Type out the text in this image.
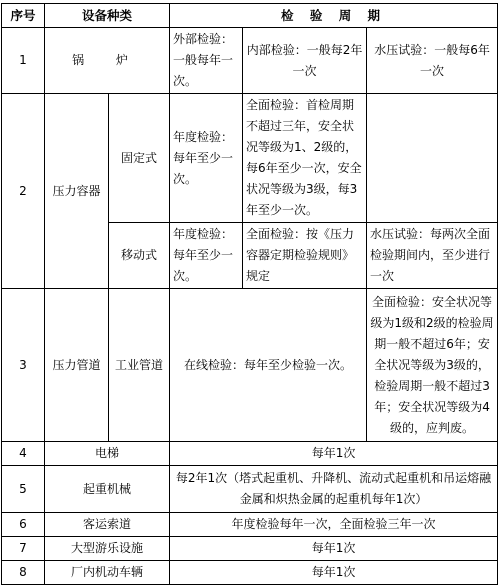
序号	设备种类		检 验 周 期		
1	锅 炉		外部检验：一般每年一次。	内部检验：一般每2年一次	水压试验：一般每6年一次
2	压力容器	固定式	年度检验：每年至少一次。	全面检验：首检周期不超过三年，安全状况等级为1、2级的，每6年至少一次，安全状况等级为3级，每3年至少一次。	
		移动式	年度检验：每年至少一次。	全面检验：按《压力容器定期检验规则》规定	水压试验：每两次全面检验期间内，至少进行一次
3	压力管道	工业管道	在线检验：每年至少检验一次。		全面检验：安全状况等级为1级和2级的检验周期一般不超过6年；安全状况等级为3级的，检验周期一般不超过3年；安全状况等级为4级的，应判废。
4	电梯		每年1次		
5	起重机械		每2年1次（塔式起重机、升降机、流动式起重机和吊运熔融金属和炽热金属的起重机每年1次）		
6	客运索道		年度检验每年一次，全面检验三年一次		
7	大型游乐设施		每年1次		
8	厂内机动车辆		每年1次		
